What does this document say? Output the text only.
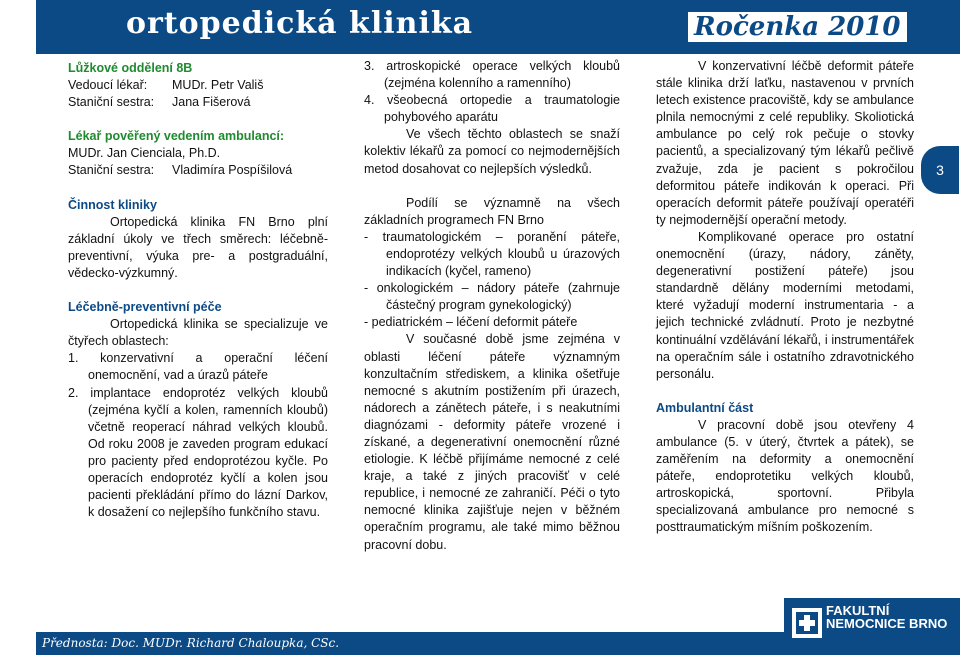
ortopedická klinika	Ročenka 2010
3

Lůžkové oddělení 8B

Vedoucí lékař:	MUDr. Petr Vališ
Staniční sestra:	Jana Fišerová

Lékař pověřený vedením ambulancí:

MUDr. Jan Cienciala, Ph.D.

Staniční sestra:	Vladimíra Pospíšilová

Činnost kliniky

Ortopedická klinika FN Brno plní základní úkoly ve třech směrech: léčebně-preventivní, výuka pre- a postgraduální, vědecko-výzkumný.

Léčebně-preventivní péče

Ortopedická klinika se specializuje ve čtyřech oblastech:

1. konzervativní a operační léčení onemocnění, vad a úrazů páteře

2. implantace endoprotéz velkých kloubů (zejména kyčlí a kolen, ramenních kloubů) včetně reoperací náhrad velkých kloubů. Od roku 2008 je zaveden program edukací pro pacienty před endoprotézou kyčle. Po operacích endoprotéz kyčlí a kolen jsou pacienti překládání přímo do lázní Darkov, k dosažení co nejlepšího funkčního stavu.

3. artroskopické operace velkých kloubů (zejména kolenního a ramenního)

4. všeobecná ortopedie a traumatologie pohybového aparátu

Ve všech těchto oblastech se snaží kolektiv lékařů za pomocí co nejmodernějších metod dosahovat co nejlepších výsledků.

Podílí se významně na všech základních programech FN Brno

- traumatologickém – poranění páteře, endoprotézy velkých kloubů u úrazových indikacích (kyčel, rameno)

- onkologickém – nádory páteře (zahrnuje částečný program gynekologický)

- pediatrickém – léčení deformit páteře

V současné době jsme zejména v oblasti léčení páteře významným konzultačním střediskem, a klinika ošetřuje nemocné s akutním postižením při úrazech, nádorech a zánětech páteře, i s neakutními diagnózami - deformity páteře vrozené i získané, a degenerativní onemocnění různé etiologie. K léčbě přijímáme nemocné z celé kraje, a také z jiných pracovišť v celé republice, i nemocné ze zahraničí. Péči o tyto nemocné klinika zajišťuje nejen v běžném operačním programu, ale také mimo běžnou pracovní dobu.

V konzervativní léčbě deformit páteře stále klinika drží laťku, nastavenou v prvních letech existence pracoviště, kdy se ambulance plnila nemocnými z celé republiky. Skoliotická ambulance po celý rok pečuje o stovky pacientů, a specializovaný tým lékařů pečlivě zvažuje, zda je pacient s pokročilou deformitou páteře indikován k operaci. Při operacích deformit páteře používají operatéři ty nejmodernější operační metody.

Komplikované operace pro ostatní onemocnění (úrazy, nádory, záněty, degenerativní postižení páteře) jsou standardně dělány moderními metodami, které vyžadují moderní instrumentaria - a jejich technické zvládnutí. Proto je nezbytné kontinuální vzdělávání lékařů, i instrumentářek na operačním sále i ostatního zdravotnického personálu.

Ambulantní část

V pracovní době jsou otevřeny 4 ambulance (5. v úterý, čtvrtek a pátek), se zaměřením na deformity a onemocnění páteře, endoprotetiku velkých kloubů, artroskopická, sportovní. Přibyla specializovaná ambulance pro nemocné s posttraumatickým míšním poškozením.

Přednosta: Doc. MUDr. Richard Chaloupka, CSc.
FAKULTNÍ NEMOCNICE BRNO
